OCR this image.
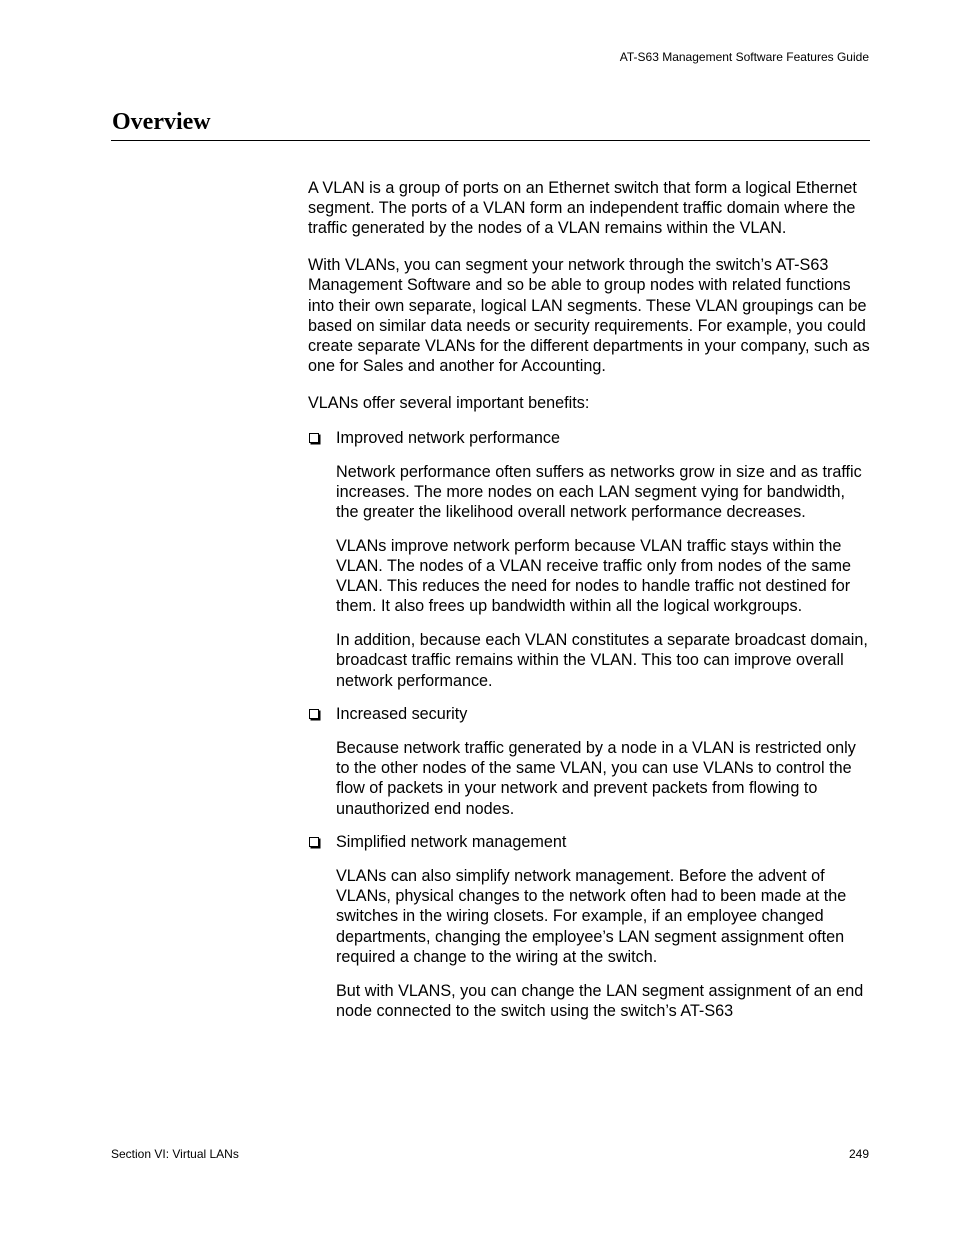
AT-S63 Management Software Features Guide
Overview

A VLAN is a group of ports on an Ethernet switch that form a logical Ethernet segment. The ports of a VLAN form an independent traffic domain where the traffic generated by the nodes of a VLAN remains within the VLAN.

With VLANs, you can segment your network through the switch’s AT-S63 Management Software and so be able to group nodes with related functions into their own separate, logical LAN segments. These VLAN groupings can be based on similar data needs or security requirements. For example, you could create separate VLANs for the different departments in your company, such as one for Sales and another for Accounting.

VLANs offer several important benefits:

Improved network performance

Network performance often suffers as networks grow in size and as traffic increases. The more nodes on each LAN segment vying for bandwidth, the greater the likelihood overall network performance decreases.

VLANs improve network perform because VLAN traffic stays within the VLAN. The nodes of a VLAN receive traffic only from nodes of the same VLAN. This reduces the need for nodes to handle traffic not destined for them. It also frees up bandwidth within all the logical workgroups.

In addition, because each VLAN constitutes a separate broadcast domain, broadcast traffic remains within the VLAN. This too can improve overall network performance.

Increased security

Because network traffic generated by a node in a VLAN is restricted only to the other nodes of the same VLAN, you can use VLANs to control the flow of packets in your network and prevent packets from flowing to unauthorized end nodes.

Simplified network management

VLANs can also simplify network management. Before the advent of VLANs, physical changes to the network often had to been made at the switches in the wiring closets. For example, if an employee changed departments, changing the employee’s LAN segment assignment often required a change to the wiring at the switch.

But with VLANS, you can change the LAN segment assignment of an end node connected to the switch using the switch’s AT-S63

Section VI: Virtual LANs	249
